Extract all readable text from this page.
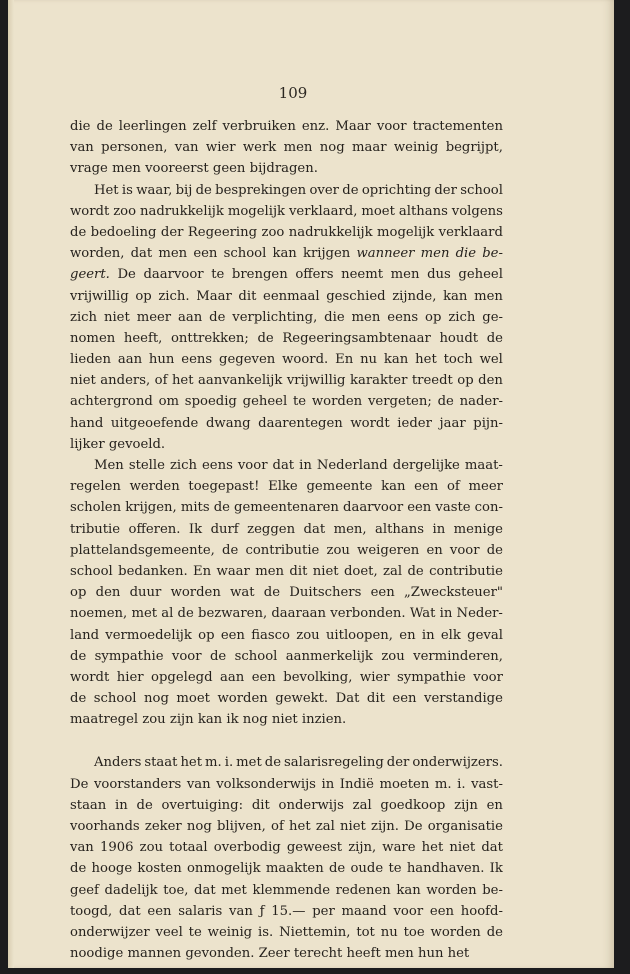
109
die de leerlingen zelf verbruiken enz. Maar voor tractementen
van personen, van wier werk men nog maar weinig begrijpt,
vrage men vooreerst geen bijdragen.
Het is waar, bij de besprekingen over de oprichting der school
wordt zoo nadrukkelijk mogelijk verklaard, moet althans volgens
de bedoeling der Regeering zoo nadrukkelijk mogelijk verklaard
worden, dat men een school kan krijgen wanneer men die be-
geert. De daarvoor te brengen offers neemt men dus geheel
vrijwillig op zich. Maar dit eenmaal geschied zijnde, kan men
zich niet meer aan de verplichting, die men eens op zich ge-
nomen heeft, onttrekken; de Regeeringsambtenaar houdt de
lieden aan hun eens gegeven woord. En nu kan het toch wel
niet anders, of het aanvankelijk vrijwillig karakter treedt op den
achtergrond om spoedig geheel te worden vergeten; de nader-
hand uitgeoefende dwang daarentegen wordt ieder jaar pijn-
lijker gevoeld.
Men stelle zich eens voor dat in Nederland dergelijke maat-
regelen werden toegepast! Elke gemeente kan een of meer
scholen krijgen, mits de gemeentenaren daarvoor een vaste con-
tributie offeren. Ik durf zeggen dat men, althans in menige
plattelandsgemeente, de contributie zou weigeren en voor de
school bedanken. En waar men dit niet doet, zal de contributie
op den duur worden wat de Duitschers een „Zwecksteuer"
noemen, met al de bezwaren, daaraan verbonden. Wat in Neder-
land vermoedelijk op een fiasco zou uitloopen, en in elk geval
de sympathie voor de school aanmerkelijk zou verminderen,
wordt hier opgelegd aan een bevolking, wier sympathie voor
de school nog moet worden gewekt. Dat dit een verstandige
maatregel zou zijn kan ik nog niet inzien.
Anders staat het m. i. met de salarisregeling der onderwijzers.
De voorstanders van volksonderwijs in Indië moeten m. i. vast-
staan in de overtuiging: dit onderwijs zal goedkoop zijn en
voorhands zeker nog blijven, of het zal niet zijn. De organisatie
van 1906 zou totaal overbodig geweest zijn, ware het niet dat
de hooge kosten onmogelijk maakten de oude te handhaven. Ik
geef dadelijk toe, dat met klemmende redenen kan worden be-
toogd, dat een salaris van ƒ 15.— per maand voor een hoofd-
onderwijzer veel te weinig is. Niettemin, tot nu toe worden de
noodige mannen gevonden. Zeer terecht heeft men hun het
